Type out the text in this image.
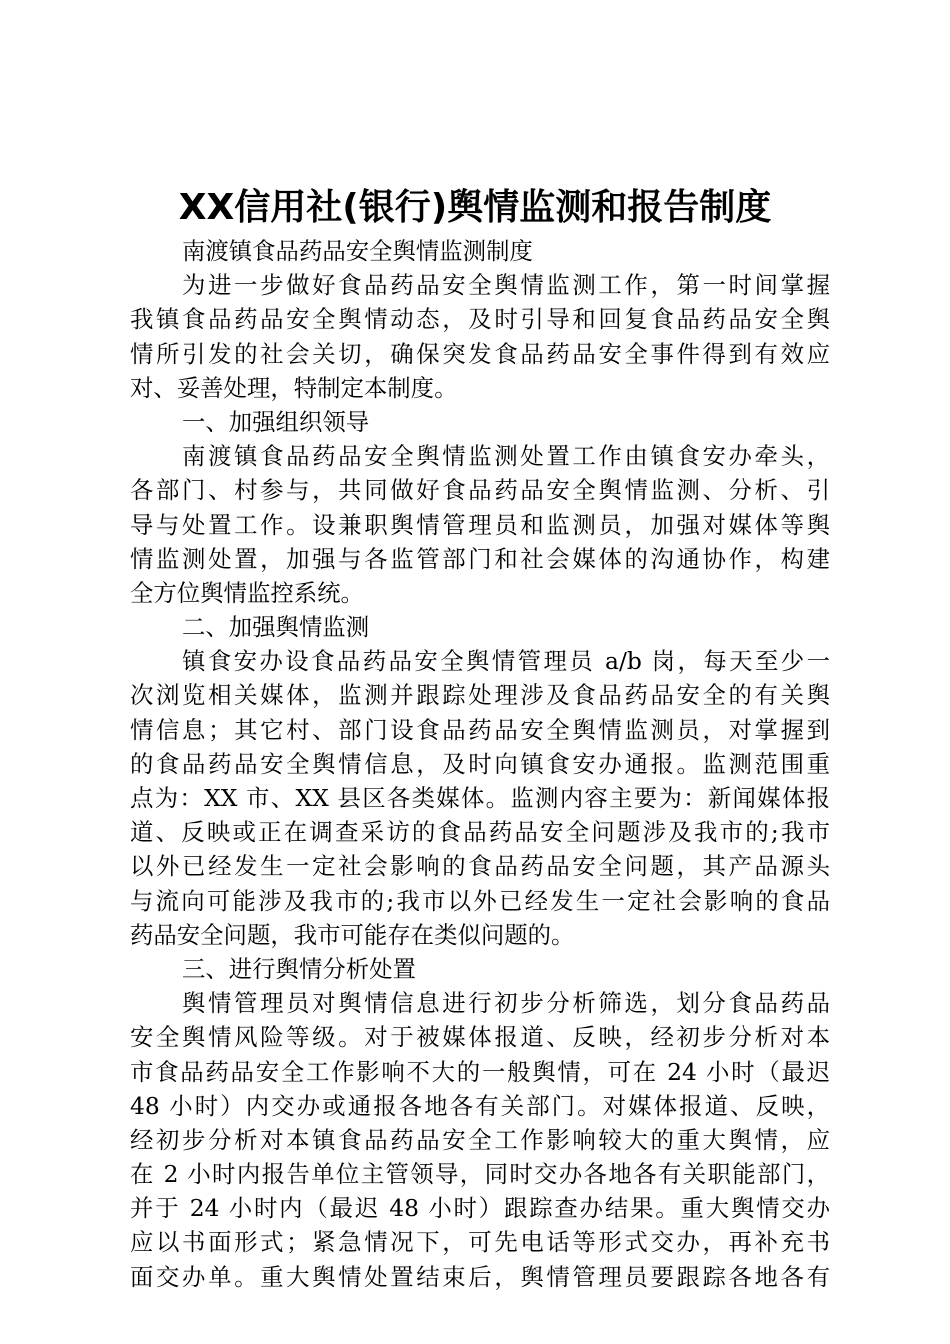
XX信用社(银行)舆情监测和报告制度
南渡镇食品药品安全舆情监测制度
为进一步做好食品药品安全舆情监测工作，第一时间掌握
我镇食品药品安全舆情动态，及时引导和回复食品药品安全舆
情所引发的社会关切，确保突发食品药品安全事件得到有效应
对、妥善处理，特制定本制度。
一、加强组织领导
南渡镇食品药品安全舆情监测处置工作由镇食安办牵头，
各部门、村参与，共同做好食品药品安全舆情监测、分析、引
导与处置工作。设兼职舆情管理员和监测员，加强对媒体等舆
情监测处置，加强与各监管部门和社会媒体的沟通协作，构建
全方位舆情监控系统。
二、加强舆情监测
镇食安办设食品药品安全舆情管理员 a/b 岗，每天至少一
次浏览相关媒体，监测并跟踪处理涉及食品药品安全的有关舆
情信息；其它村、部门设食品药品安全舆情监测员，对掌握到
的食品药品安全舆情信息，及时向镇食安办通报。监测范围重
点为：XX 市、XX 县区各类媒体。监测内容主要为：新闻媒体报
道、反映或正在调查采访的食品药品安全问题涉及我市的;我市
以外已经发生一定社会影响的食品药品安全问题，其产品源头
与流向可能涉及我市的;我市以外已经发生一定社会影响的食品
药品安全问题，我市可能存在类似问题的。
三、进行舆情分析处置
舆情管理员对舆情信息进行初步分析筛选，划分食品药品
安全舆情风险等级。对于被媒体报道、反映，经初步分析对本
市食品药品安全工作影响不大的一般舆情，可在 24 小时（最迟
48 小时）内交办或通报各地各有关部门。对媒体报道、反映，
经初步分析对本镇食品药品安全工作影响较大的重大舆情，应
在 2 小时内报告单位主管领导，同时交办各地各有关职能部门，
并于 24 小时内（最迟 48 小时）跟踪查办结果。重大舆情交办
应以书面形式；紧急情况下，可先电话等形式交办，再补充书
面交办单。重大舆情处置结束后，舆情管理员要跟踪各地各有
